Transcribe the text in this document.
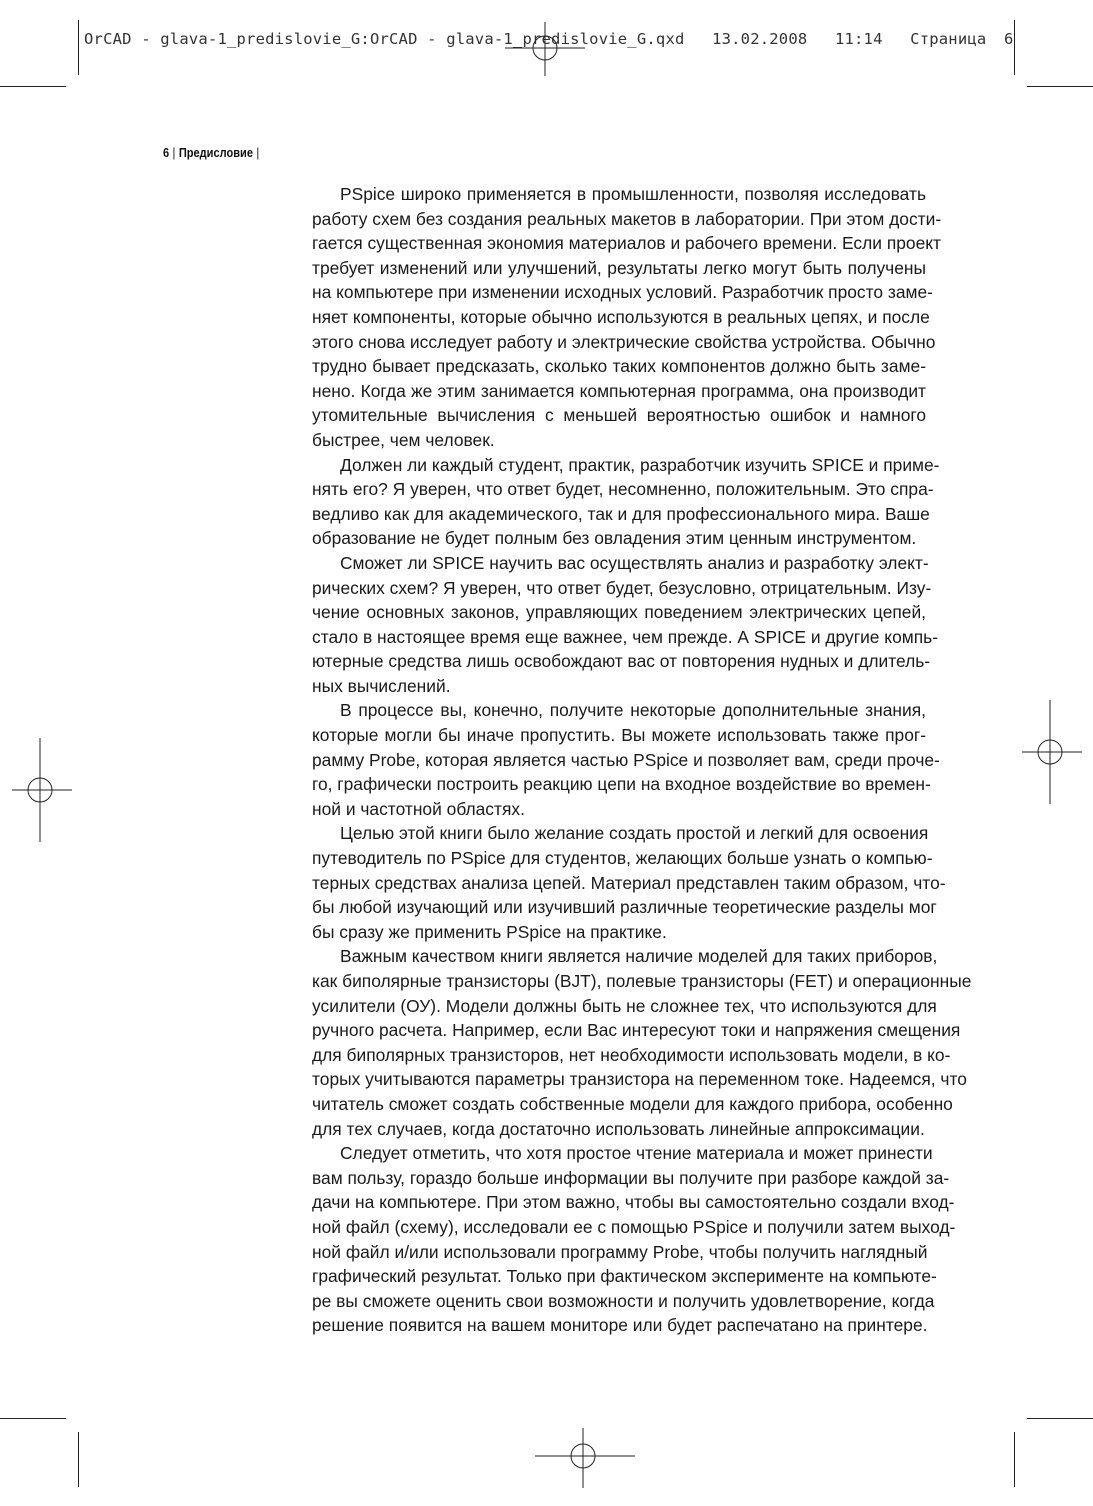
OrCAD - glava-1_predislovie_G:OrCAD - glava-1_predislovie_G.qxd 13.02.2008 11:14 Страница 6
6 | Предисловие |
PSpice широко применяется в промышленности, позволяя исследовать
работу схем без создания реальных макетов в лаборатории. При этом дости-
гается существенная экономия материалов и рабочего времени. Если проект
требует изменений или улучшений, результаты легко могут быть получены
на компьютере при изменении исходных условий. Разработчик просто заме-
няет компоненты, которые обычно используются в реальных цепях, и после
этого снова исследует работу и электрические свойства устройства. Обычно
трудно бывает предсказать, сколько таких компонентов должно быть заме-
нено. Когда же этим занимается компьютерная программа, она производит
утомительные вычисления с меньшей вероятностью ошибок и намного
быстрее, чем человек.
Должен ли каждый студент, практик, разработчик изучить SPICE и приме-
нять его? Я уверен, что ответ будет, несомненно, положительным. Это спра-
ведливо как для академического, так и для профессионального мира. Ваше
образование не будет полным без овладения этим ценным инструментом.
Сможет ли SPICE научить вас осуществлять анализ и разработку элект-
рических схем? Я уверен, что ответ будет, безусловно, отрицательным. Изу-
чение основных законов, управляющих поведением электрических цепей,
стало в настоящее время еще важнее, чем прежде. А SPICE и другие компь-
ютерные средства лишь освобождают вас от повторения нудных и длитель-
ных вычислений.
В процессе вы, конечно, получите некоторые дополнительные знания,
которые могли бы иначе пропустить. Вы можете использовать также прог-
рамму Probe, которая является частью PSpice и позволяет вам, среди проче-
го, графически построить реакцию цепи на входное воздействие во времен-
ной и частотной областях.
Целью этой книги было желание создать простой и легкий для освоения
путеводитель по PSpice для студентов, желающих больше узнать о компью-
терных средствах анализа цепей. Материал представлен таким образом, что-
бы любой изучающий или изучивший различные теоретические разделы мог
бы сразу же применить PSpice на практике.
Важным качеством книги является наличие моделей для таких приборов,
как биполярные транзисторы (BJT), полевые транзисторы (FET) и операционные
усилители (ОУ). Модели должны быть не сложнее тех, что используются для
ручного расчета. Например, если Вас интересуют токи и напряжения смещения
для биполярных транзисторов, нет необходимости использовать модели, в ко-
торых учитываются параметры транзистора на переменном токе. Надеемся, что
читатель сможет создать собственные модели для каждого прибора, особенно
для тех случаев, когда достаточно использовать линейные аппроксимации.
Следует отметить, что хотя простое чтение материала и может принести
вам пользу, гораздо больше информации вы получите при разборе каждой за-
дачи на компьютере. При этом важно, чтобы вы самостоятельно создали вход-
ной файл (схему), исследовали ее с помощью PSpice и получили затем выход-
ной файл и/или использовали программу Probe, чтобы получить наглядный
графический результат. Только при фактическом эксперименте на компьюте-
ре вы сможете оценить свои возможности и получить удовлетворение, когда
решение появится на вашем мониторе или будет распечатано на принтере.
